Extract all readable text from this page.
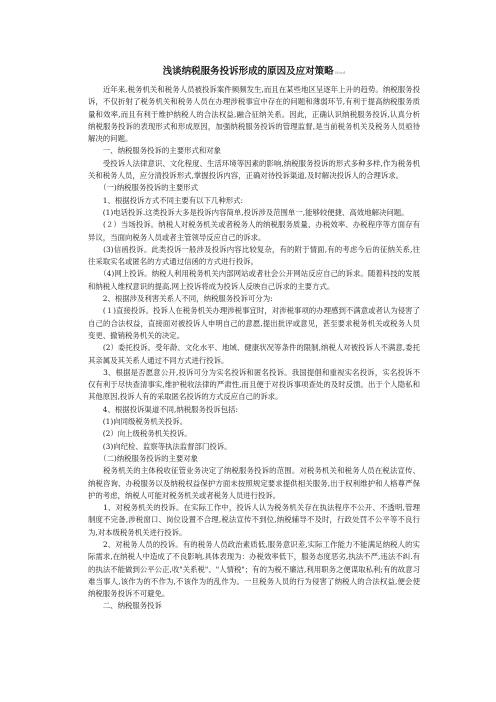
浅谈纳税服务投诉形成的原因及应对策略Word

　　近年来,税务机关和税务人员被投诉案件频频发生,而且在某些地区呈逐年上升的趋势。纳税服务投诉，不仅折射了税务机关和税务人员在办理涉税事宜中存在的问题和薄弱环节,有利于提高纳税服务质量和效率,而且有利于维护纳税人的合法权益,融合征纳关系。因此，正确认识纳税服务投诉,认真分析纳税服务投诉的表现形式和形成原因，加强纳税服务投诉的管理监督,是当前税务机关及税务人员亟待解决的问题。

　　一、纳税服务投诉的主要形式和对象

　　受投诉人法律意识、文化程度、生活环境等因素的影响,纳税服务投诉的形式多种多样,作为税务机关和税务人员，应分清投诉形式,掌握投诉内容，正确对待投诉渠道,及时解决投诉人的合理诉求。

　　（一)纳税服务投诉的主要形式

　　1、根据投诉方式不同主要有以下几种形式:

　　(1)电话投诉.这类投诉大多是投诉内容简单,投诉涉及范围单一,能够较便捷、高效地解决问题。

　　(２）当场投诉。纳税人对税务机关或者税务人的纳税服务质量、办税效率、办税程序等方面存有异议，当面向税务人员或者主管领导反应自己的诉求。

　　(3)信函投诉。此类投诉一般涉及投诉内容比较复杂，有的附于情面,有的考虑今后的征纳关系,往往采取实名或匿名的方式通过信函的方式进行投诉。

　　（4)网上投诉。纳税人利用税务机关内部网站或者社会公开网站反应自己的诉求。随着科技的发展和纳税人维权意识的提高,网上投诉将成为投诉人反映自己诉求的主要方式。

　　2、根据涉及利害关系人不同，纳税服务投诉可分为:

　　(１)直接投诉。投诉人在税务机关办理涉税事宜时，对涉税事项的办理感到不满意或者认为侵害了自己的合法权益，直接面对被投诉人申明自己的意愿,提出批评或意见，甚至要求税务机关或税务人员变更、撤销税务机关的决定。

　　(2）委托投诉。受年龄、文化水平、地域、健康状况等条件的限制,纳税人对被投诉人不满意,委托其亲属及其关系人通过不同方式进行投诉。

　　3、根据是否愿意公开,投诉可分为实名投诉和匿名投诉。我国提倡和重视实名投诉，实名投诉不仅有利于尽快查清事实,维护税收法律的严肃性,而且便于对投诉事项查处的及时反馈。出于个人隐私和其他原因,投诉人有的采取匿名投诉的方式反应自己的诉求。

　　4、根据投诉渠道不同,纳税服务投诉包括:

　　(1)向同级税务机关投诉。

　　(2）向上级税务机关投诉。

　　(3)向纪检、监察等执法监督部门投诉。

　　（二)纳税服务投诉的主要对象

　　税务机关的主体税收征管业务决定了纳税服务投诉的范围。对税务机关和税务人员在税法宣传、纳税咨询、办税服务以及纳税权益保护方面未按照规定要求提供相关服务,出于权利维护和人格尊严保护的考虑，纳税人可能对税务机关或者税务人员进行投诉。

　　1、对税务机关的投诉。在实际工作中，投诉人认为税务机关存在执法程序不公开、不透明,管理制度不完备,涉税窗口、岗位设置不合理,税法宣传不到位,纳税辅导不及时，行政处罚不公平等不良行为,对本级税务机关进行投诉。

　　2、对税务人员的投诉。有的税务人员政治素质低,服务意识差,实际工作能力不能满足纳税人的实际需求,在纳税人中造成了不良影响,具体表现为：办税效率低下，服务态度恶劣,执法不严,违法不纠.有的执法不能做到公平公正,收"关系税"、"人情税"；有的为税不廉洁,利用职务之便谋取私利;有的故意习难当事人,该作为的不作为,不该作为的乱作为。一旦税务人员的行为侵害了纳税人的合法权益,便会使纳税服务投诉不可避免。

　　二、纳税服务投诉
